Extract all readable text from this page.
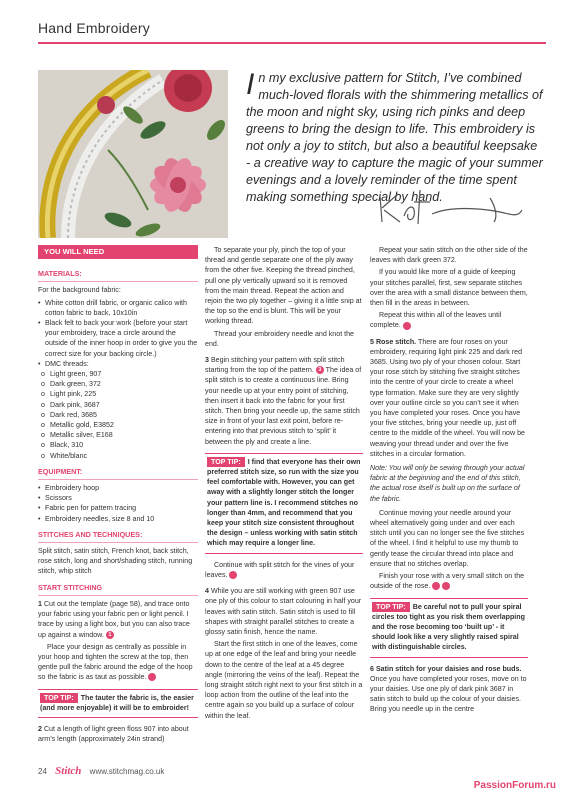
Hand Embroidery
In my exclusive pattern for Stitch, I’ve combined much-loved florals with the shimmering metallics of the moon and night sky, using rich pinks and deep greens to bring the design to life. This embroidery is not only a joy to stitch, but also a beautiful keepsake - a creative way to capture the magic of your summer evenings and a lovely reminder of the time spent making something special by hand.
YOU WILL NEED
MATERIALS:

For the background fabric:

• White cotton drill fabric, or organic calico with cotton fabric to back, 10x10in
• Black felt to back your work (before your start your embroidery, trace a circle around the outside of the inner hoop in order to give you the correct size for your backing circle.)
• DMC threads:
o Light green, 907
o Dark green, 372
o Light pink, 225
o Dark pink, 3687
o Dark red, 3685
o Metallic gold, E3852
o Metallic silver, E168
o Black, 310
o White/blanc
EQUIPMENT:
• Embroidery hoop
• Scissors
• Fabric pen for pattern tracing
• Embroidery needles, size 8 and 10
STITCHES AND TECHNIQUES:

Split stitch, satin stitch, French knot, back stitch, rose stitch, long and short/shading stitch, running stitch, whip stitch

START STITCHING

1 Cut out the template (page 58), and trace onto your fabric using your fabric pen or light pencil. I trace by using a light box, but you can also trace up against a window. 1

Place your design as centrally as possible in your hoop and tighten the screw at the top, then gentle pull the fabric around the edge of the hoop so the fabric is as taut as possible. 2

TOP TIP: The tauter the fabric is, the easier (and more enjoyable) it will be to embroider!

2 Cut a length of light green floss 907 into about arm’s length (approximately 24in strand)

To separate your ply, pinch the top of your thread and gentle separate one of the ply away from the other five. Keeping the thread pinched, pull one ply vertically upward so it is removed from the main thread. Repeat the action and rejoin the two ply together – giving it a little snip at the top so the end is blunt. This will be your working thread.

Thread your embroidery needle and knot the end.

3 Begin stitching your pattern with split stitch starting from the top of the pattern. 3 The idea of split stitch is to create a continuous line. Bring your needle up at your entry point of stitching, then insert it back into the fabric for your first stitch. Then bring your needle up, the same stitch size in front of your last exit point, before re-entering into that previous stitch to ‘split’ it between the ply and create a line.

TOP TIP: I find that everyone has their own preferred stitch size, so run with the size you feel comfortable with. However, you can get away with a slightly longer stitch the longer your pattern line is. I recommend stitches no longer than 4mm, and recommend that you keep your stitch size consistent throughout the design – unless working with satin stitch which may require a longer line.

Continue with split stitch for the vines of your leaves. 4

4 While you are still working with green 907 use one ply of this colour to start colouring in half your leaves with satin stitch. Satin stitch is used to fill shapes with straight parallel stitches to create a glossy satin finish, hence the name.

Start the first stitch in one of the leaves, come up at one edge of the leaf and bring your needle down to the centre of the leaf at a 45 degree angle (mirroring the veins of the leaf). Repeat the long straight stitch right next to your first stitch in a loop action from the outline of the leaf into the centre again so you build up a surface of colour within the leaf.

Repeat your satin stitch on the other side of the leaves with dark green 372.

If you would like more of a guide of keeping your stitches parallel, first, sew separate stitches over the area with a small distance between them, then fill in the areas in between.

Repeat this within all of the leaves until complete. 5

5 Rose stitch. There are four roses on your embroidery, requiring light pink 225 and dark red 3685. Using two ply of your chosen colour. Start your rose stitch by stitching five straight stitches into the centre of your circle to create a wheel type formation. Make sure they are very slightly over your outline circle so you can’t see it when you have completed your roses. Once you have your five stitches, bring your needle up, just off centre to the middle of the wheel. You will now be weaving your thread under and over the five stitches in a circular formation.

Note: You will only be sewing through your actual fabric at the beginning and the end of this stitch, the actual rose itself is built up on the surface of the fabric.

Continue moving your needle around your wheel alternatively going under and over each stitch until you can no longer see the five stitches of the wheel. I find it helpful to use my thumb to gently tease the circular thread into place and ensure that no stitches overlap.

Finish your rose with a very small stitch on the outside of the rose.	7

TOP TIP: Be careful not to pull your spiral circles too tight as you risk them overlapping and the rose becoming too ‘built up’ - it should look like a very slightly raised spiral with distinguishable circles.

6 Satin stitch for your daisies and rose buds. Once you have completed your roses, move on to your daisies. Use one ply of dark pink 3687 in satin stitch to build up the colour of your daisies. Bring you needle up in the centre

24 Stitch www.stitchmag.co.uk
PassionForum.ru
